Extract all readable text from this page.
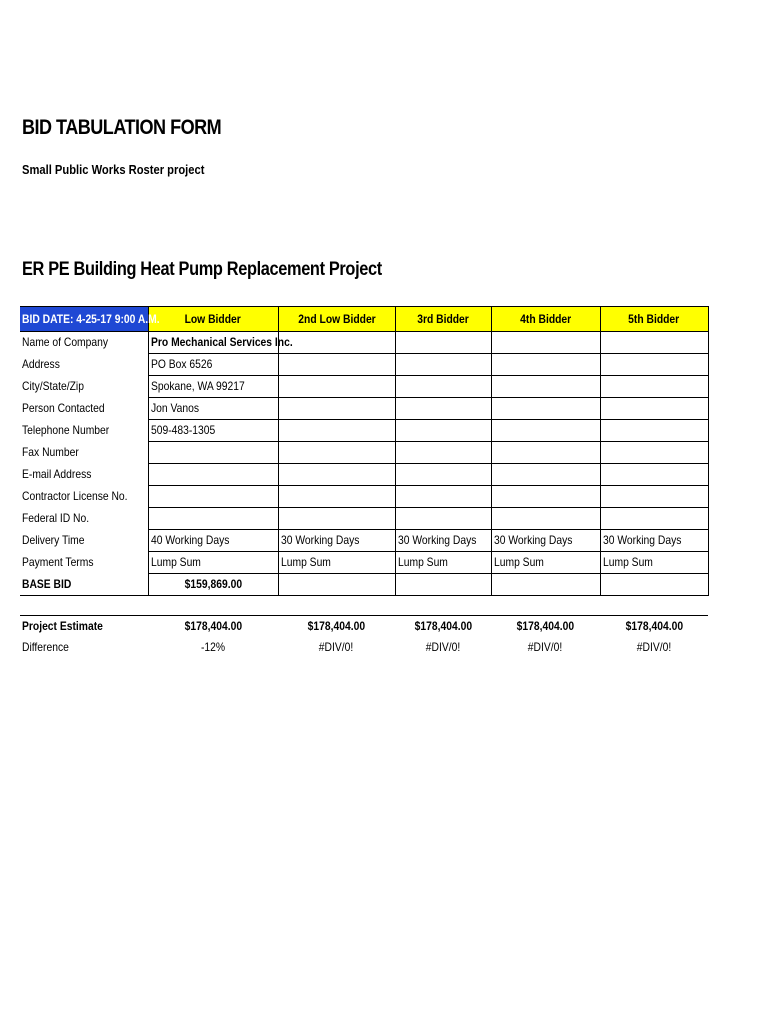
BID TABULATION FORM
Small Public Works Roster project
ER PE Building Heat Pump Replacement Project
BID DATE: 4-25-17 9:00 A.M.	Low Bidder	2nd Low Bidder	3rd Bidder	4th Bidder	5th Bidder
Name of Company	Pro Mechanical Services Inc.				
Address	PO Box 6526				
City/State/Zip	Spokane, WA 99217				
Person Contacted	Jon Vanos				
Telephone Number	509-483-1305				
Fax Number					
E-mail Address					
Contractor License No.					
Federal ID No.					
Delivery Time	40 Working Days	30 Working Days	30 Working Days	30 Working Days	30 Working Days
Payment Terms	Lump Sum	Lump Sum	Lump Sum	Lump Sum	Lump Sum
BASE BID	$159,869.00				
Project Estimate	$178,404.00	$178,404.00	$178,404.00	$178,404.00	$178,404.00
Difference	-12%	#DIV/0!	#DIV/0!	#DIV/0!	#DIV/0!
